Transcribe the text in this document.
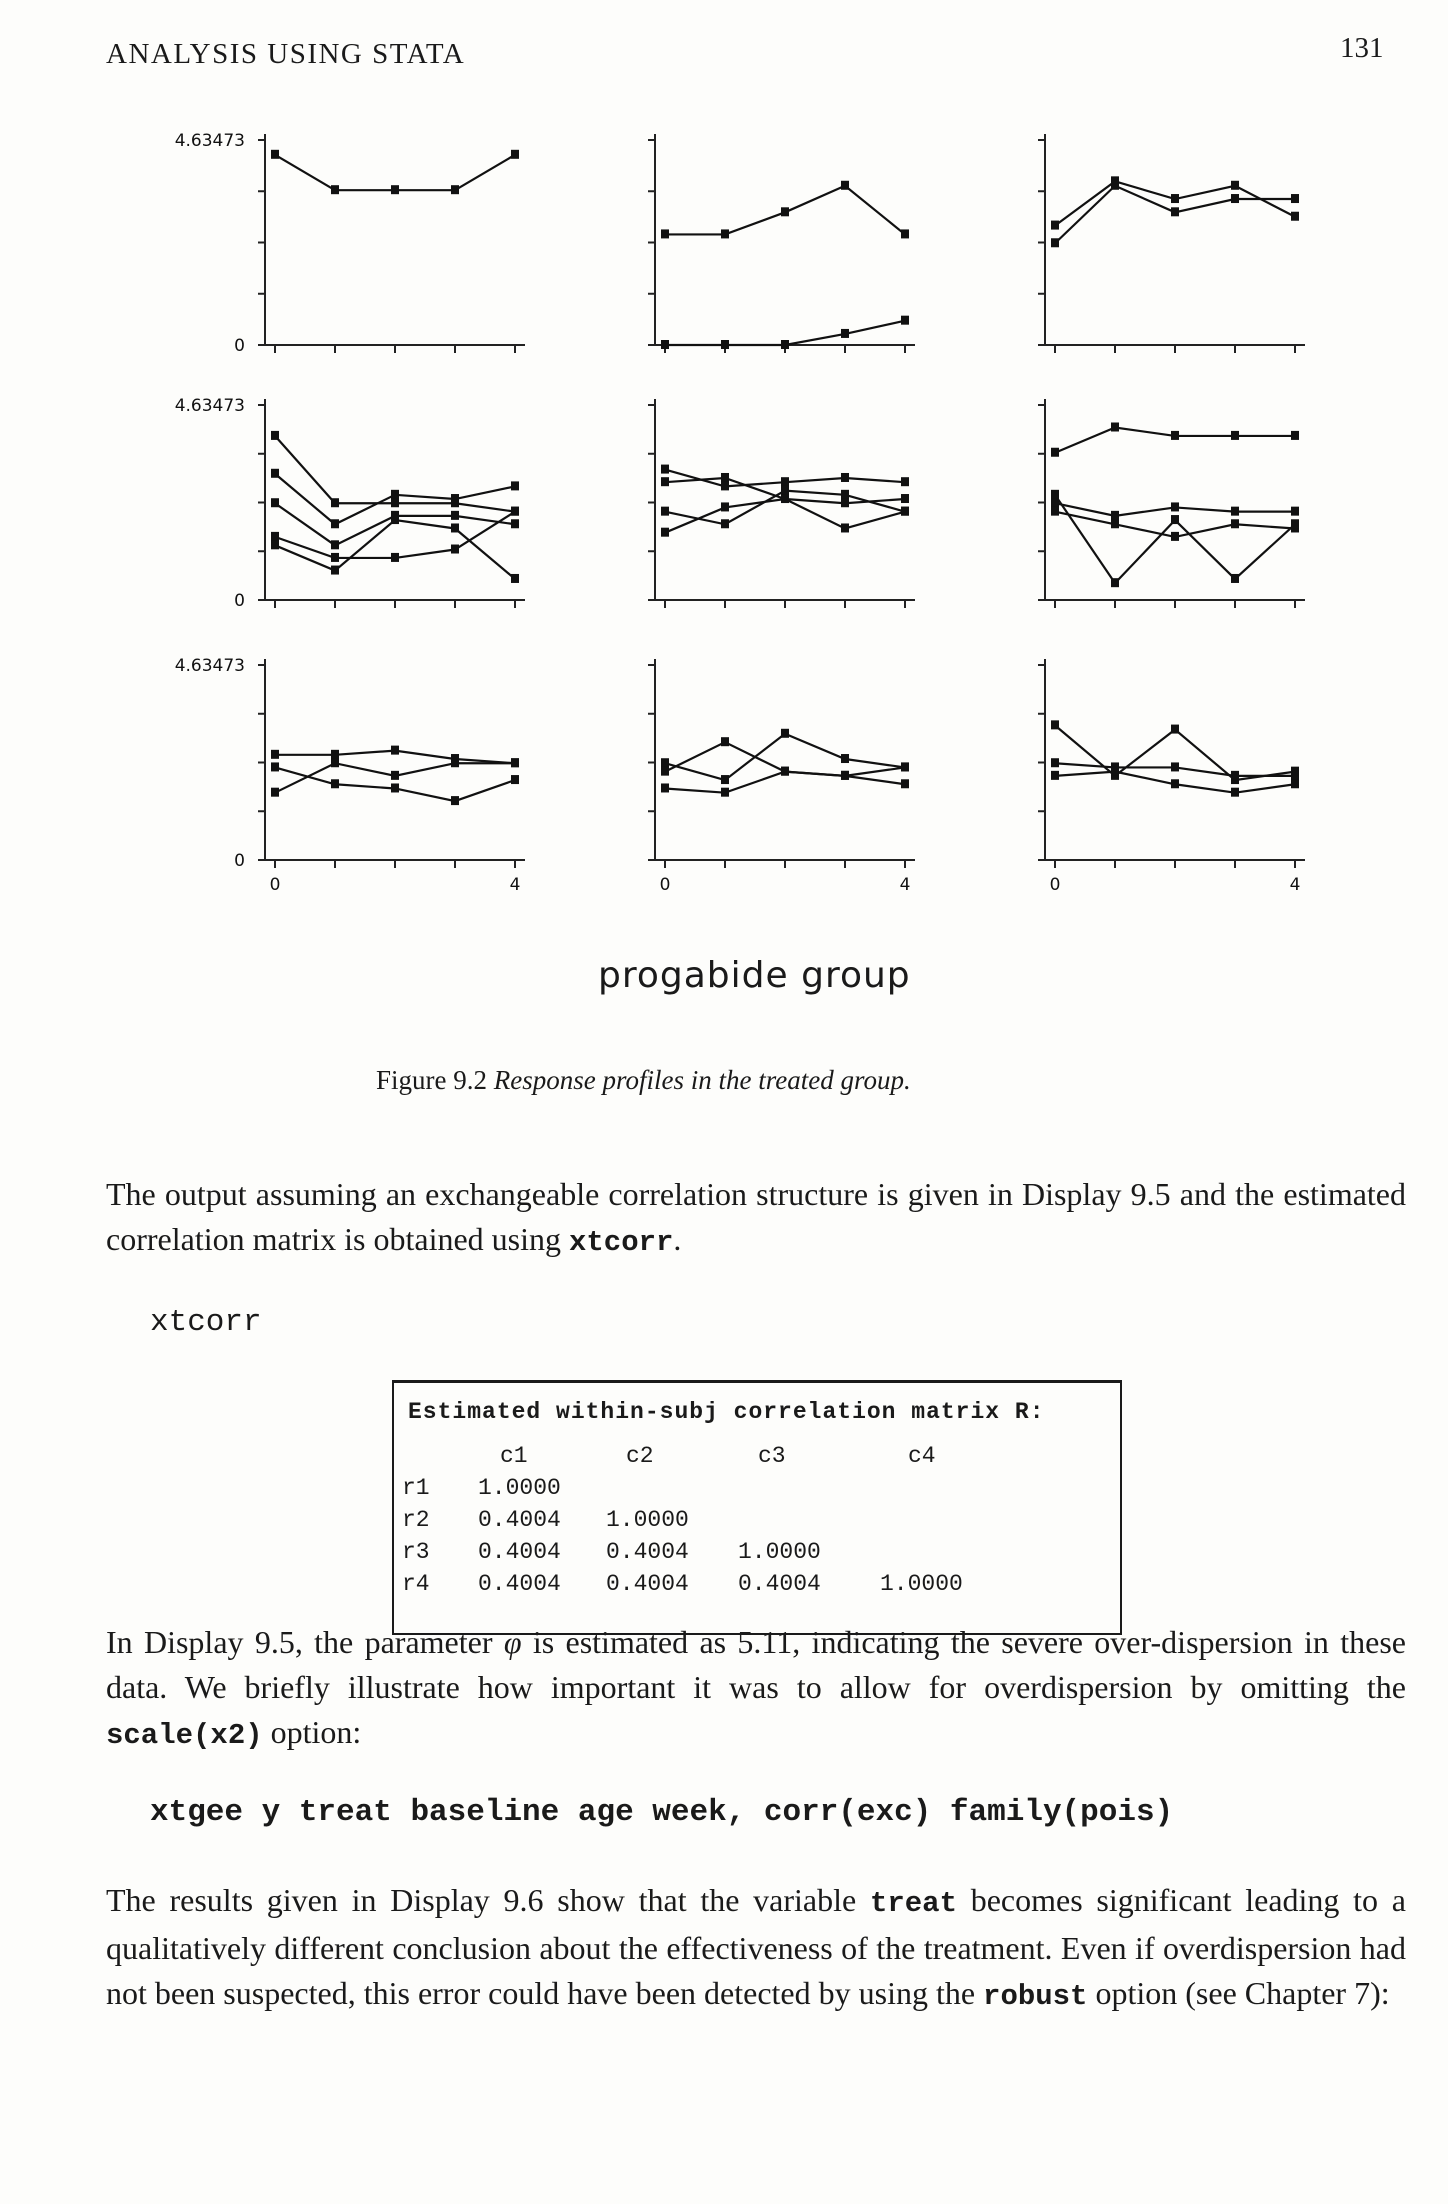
ANALYSIS USING STATA	131
4.63473
0
4.63473
0
4.63473
0
0	4	0	4	0	4
progabide group
Figure 9.2 Response profiles in the treated group.
The output assuming an exchangeable correlation structure is given in Display 9.5 and the estimated correlation matrix is obtained using xtcorr.
xtcorr
Estimated within-subj correlation matrix R:
c1	c2	c3	c4
r1 1.0000
r2 0.4004 1.0000
r3 0.4004 0.4004 1.0000
r4 0.4004 0.4004 0.4004	1.0000
In Display 9.5, the parameter φ is estimated as 5.11, indicating the severe over-dispersion in these data. We briefly illustrate how important it was to allow for overdispersion by omitting the scale(x2) option:
xtgee y treat baseline age week, corr(exc) family(pois)
The results given in Display 9.6 show that the variable treat becomes significant leading to a qualitatively different conclusion about the effectiveness of the treatment. Even if overdispersion had not been suspected, this error could have been detected by using the robust option (see Chapter 7):
